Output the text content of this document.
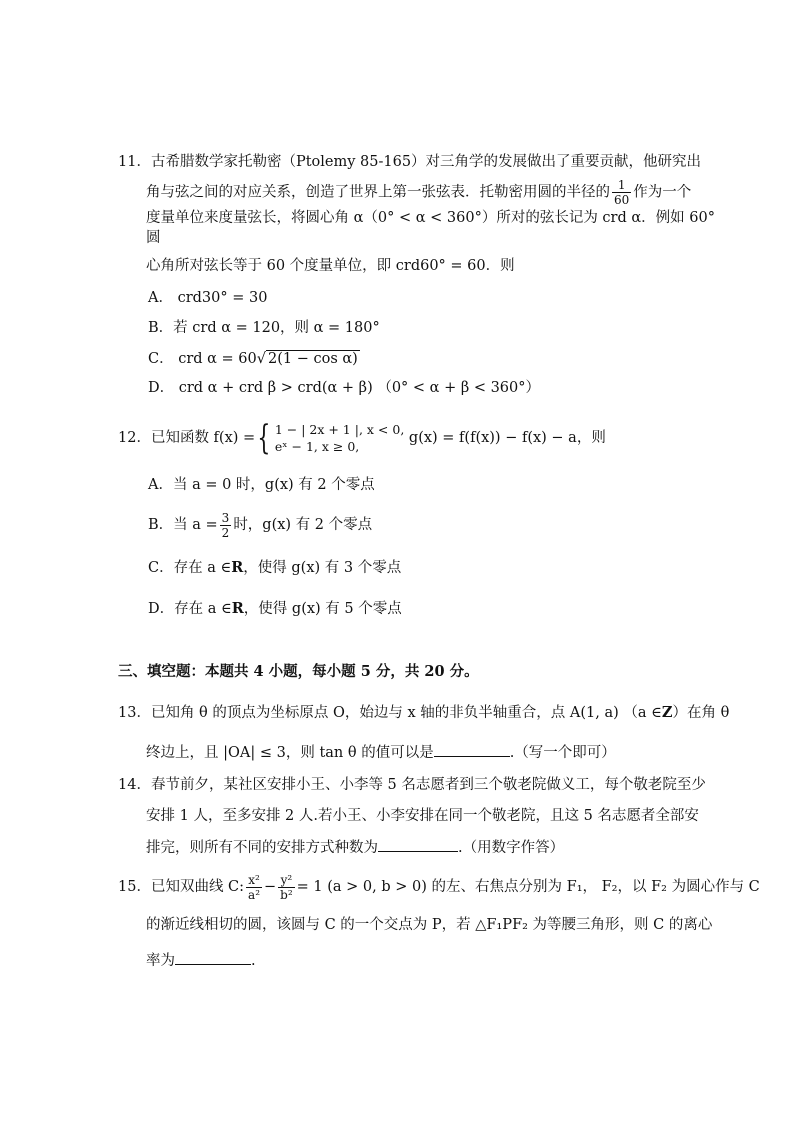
11．古希腊数学家托勒密（Ptolemy 85-165）对三角学的发展做出了重要贡献，他研究出
角与弦之间的对应关系，创造了世界上第一张弦表．托勒密用圆的半径的 $\frac{1}{60}$ 作为一个
度量单位来度量弦长，将圆心角 α（0° < α < 360°）所对的弦长记为 crd α．例如 60°
圆
心角所对弦长等于 60 个度量单位，即 crd60° = 60．则
A． crd30° = 30
B．若 crd α = 120，则 α = 180°
C． crd α = 60√ 2(1 − cos α)
D． crd α + crd β > crd(α + β) （0° < α + β < 360°）
12．已知函数 f(x) ={ 1 − | 2x + 1 |, x < 0,
eˣ − 1, x ≥ 0,
g(x) = f(f(x)) − f(x) − a，则
A．当 a = 0 时，g(x) 有 2 个零点
B．当 $a = \frac{3}{2}$ 时，g(x) 有 2 个零点
C．存在 a ∈R，使得 g(x) 有 3 个零点
D．存在 a ∈R，使得 g(x) 有 5 个零点
三、填空题：本题共 4 小题，每小题 5 分，共 20 分。
13．已知角 θ 的顶点为坐标原点 O，始边与 x 轴的非负半轴重合，点 A(1, a) （a ∈Z）在角 θ
终边上，且 |OA| ≤ 3，则 tan θ 的值可以是	.（写一个即可）
14．春节前夕，某社区安排小王、小李等 5 名志愿者到三个敬老院做义工，每个敬老院至少
安排 1 人，至多安排 2 人.若小王、小李安排在同一个敬老院，且这 5 名志愿者全部安
排完，则所有不同的安排方式种数为	.（用数字作答）
15．已知双曲线 C: $\frac{\text{x²}}{\text{a²}} - \frac{\text{y²}}{\text{b²}} = 1$ (a > 0, b > 0) 的左、右焦点分别为 F₁， F₂，以 F₂ 为圆心作与 C
的渐近线相切的圆，该圆与 C 的一个交点为 P，若 △F₁PF₂ 为等腰三角形，则 C 的离心
率为	.
